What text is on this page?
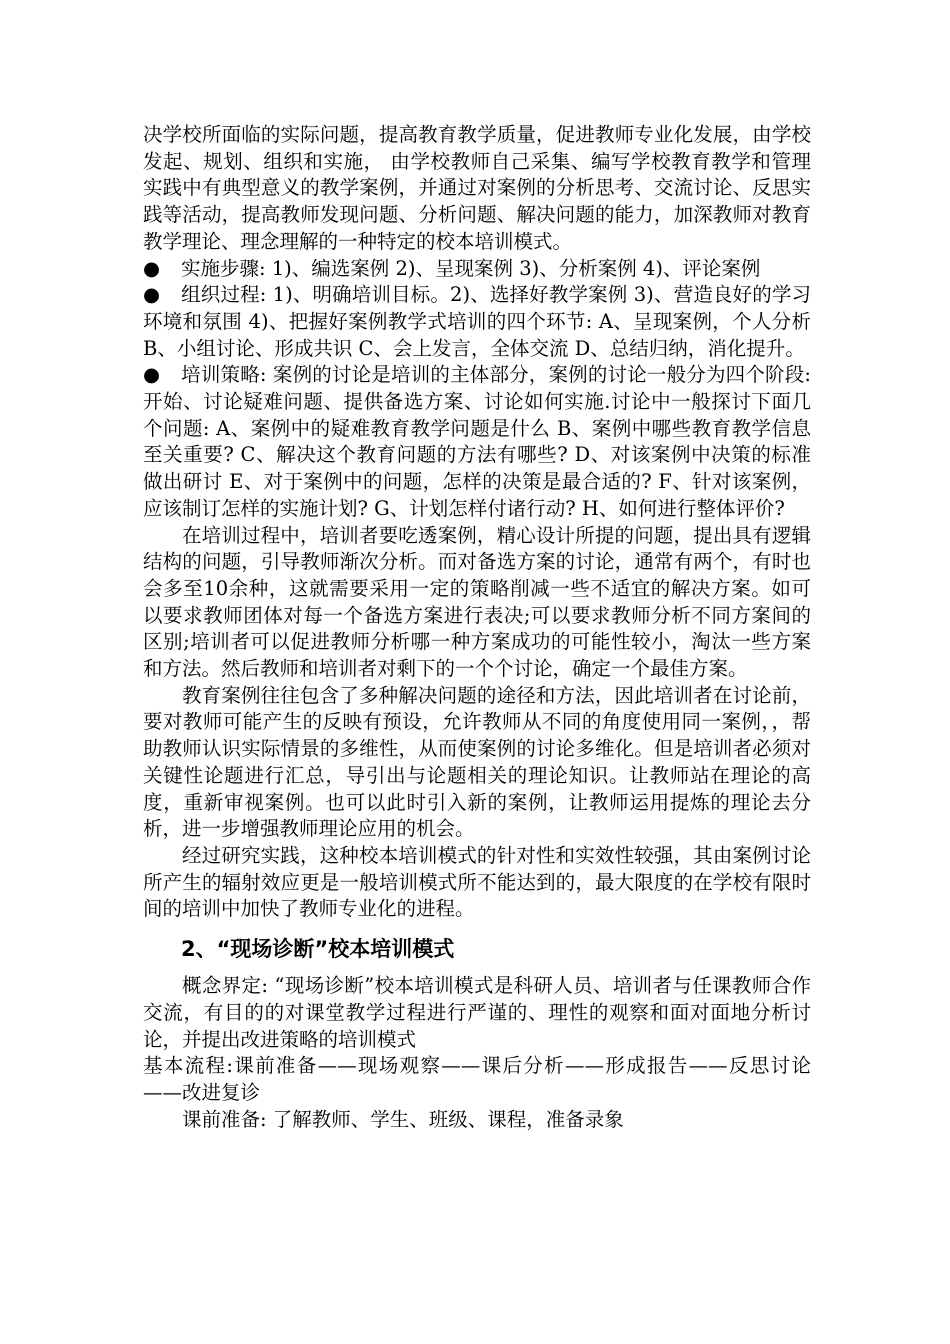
决学校所面临的实际问题，提高教育教学质量，促进教师专业化发展，由学校发起、规划、组织和实施， 由学校教师自己采集、编写学校教育教学和管理实践中有典型意义的教学案例，并通过对案例的分析思考、交流讨论、反思实践等活动，提高教师发现问题、分析问题、解决问题的能力，加深教师对教育教学理论、理念理解的一种特定的校本培训模式。

● 实施步骤: 1)、编选案例 2)、呈现案例 3)、分析案例 4)、评论案例

● 组织过程: 1)、明确培训目标。2)、选择好教学案例 3)、营造良好的学习环境和氛围 4)、把握好案例教学式培训的四个环节: A、呈现案例，个人分析 B、小组讨论、形成共识 C、会上发言，全体交流 D、总结归纳，消化提升。

● 培训策略: 案例的讨论是培训的主体部分，案例的讨论一般分为四个阶段: 开始、讨论疑难问题、提供备选方案、讨论如何实施.讨论中一般探讨下面几个问题: A、案例中的疑难教育教学问题是什么 B、案例中哪些教育教学信息至关重要? C、解决这个教育问题的方法有哪些? D、对该案例中决策的标准做出研讨 E、对于案例中的问题，怎样的决策是最合适的? F、针对该案例，应该制订怎样的实施计划? G、计划怎样付诸行动? H、如何进行整体评价?

在培训过程中，培训者要吃透案例，精心设计所提的问题，提出具有逻辑结构的问题，引导教师渐次分析。而对备选方案的讨论，通常有两个，有时也会多至10余种，这就需要采用一定的策略削减一些不适宜的解决方案。如可以要求教师团体对每一个备选方案进行表决;可以要求教师分析不同方案间的区别;培训者可以促进教师分析哪一种方案成功的可能性较小，淘汰一些方案和方法。然后教师和培训者对剩下的一个个讨论，确定一个最佳方案。

教育案例往往包含了多种解决问题的途径和方法，因此培训者在讨论前，要对教师可能产生的反映有预设，允许教师从不同的角度使用同一案例，，帮助教师认识实际情景的多维性，从而使案例的讨论多维化。但是培训者必须对关键性论题进行汇总，导引出与论题相关的理论知识。让教师站在理论的高度，重新审视案例。也可以此时引入新的案例，让教师运用提炼的理论去分析，进一步增强教师理论应用的机会。

经过研究实践，这种校本培训模式的针对性和实效性较强，其由案例讨论所产生的辐射效应更是一般培训模式所不能达到的，最大限度的在学校有限时间的培训中加快了教师专业化的进程。

2、“现场诊断”校本培训模式

概念界定: “现场诊断”校本培训模式是科研人员、培训者与任课教师合作交流，有目的的对课堂教学过程进行严谨的、理性的观察和面对面地分析讨论，并提出改进策略的培训模式

基本流程:课前准备——现场观察——课后分析——形成报告——反思讨论——改进复诊

课前准备: 了解教师、学生、班级、课程，准备录象
